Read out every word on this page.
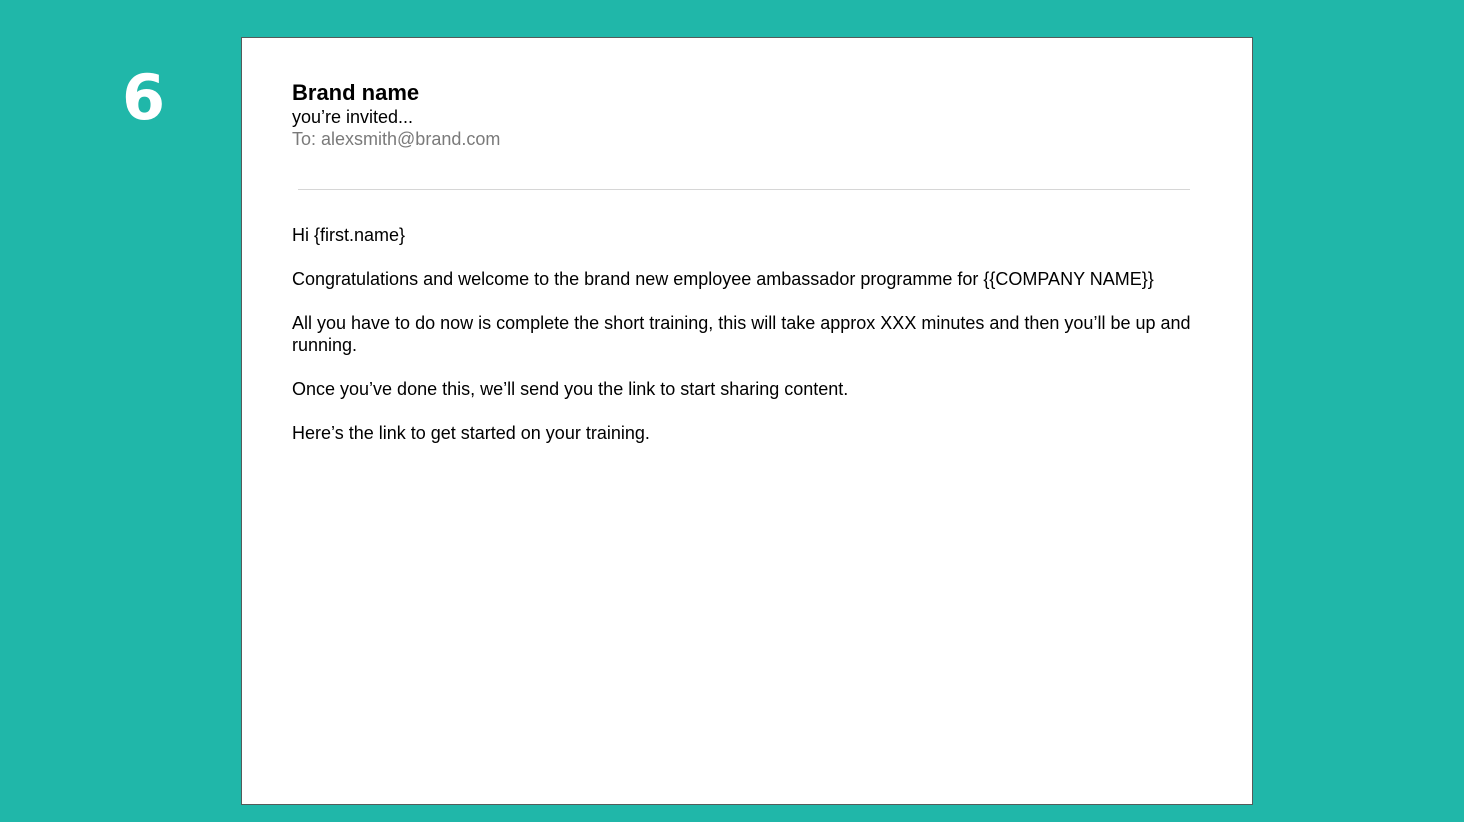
6	Brand name
you’re invited...
To: alexsmith@brand.com

Hi {first.name}

Congratulations and welcome to the brand new employee ambassador programme for {{COMPANY NAME}}

All you have to do now is complete the short training, this will take approx XXX minutes and then you’ll be up and running.

Once you’ve done this, we’ll send you the link to start sharing content.

Here’s the link to get started on your training.
